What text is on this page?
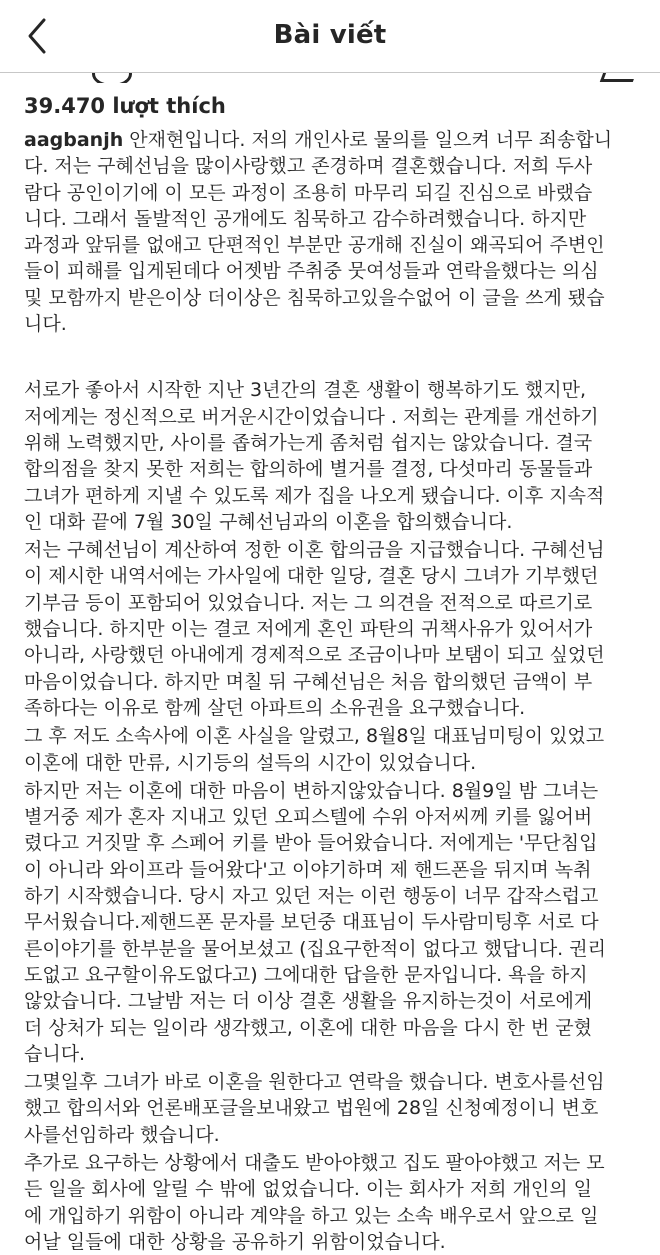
Bài viết
39.470 lượt thích
aagbanjh 안재현입니다. 저의 개인사로 물의를 일으켜 너무 죄송합니
다. 저는 구혜선님을 많이사랑했고 존경하며 결혼했습니다. 저희 두사
람다 공인이기에 이 모든 과정이 조용히 마무리 되길 진심으로 바랬습
니다. 그래서 돌발적인 공개에도 침묵하고 감수하려했습니다. 하지만
과정과 앞뒤를 없애고 단편적인 부분만 공개해 진실이 왜곡되어 주변인
들이 피해를 입게된데다 어젯밤 주취중 뭇여성들과 연락을했다는 의심
및 모함까지 받은이상 더이상은 침묵하고있을수없어 이 글을 쓰게 됐습
니다.
서로가 좋아서 시작한 지난 3년간의 결혼 생활이 행복하기도 했지만,
저에게는 정신적으로 버거운시간이었습니다 . 저희는 관계를 개선하기
위해 노력했지만, 사이를 좁혀가는게 좀처럼 쉽지는 않았습니다. 결국
합의점을 찾지 못한 저희는 합의하에 별거를 결정, 다섯마리 동물들과
그녀가 편하게 지낼 수 있도록 제가 집을 나오게 됐습니다. 이후 지속적
인 대화 끝에 7월 30일 구혜선님과의 이혼을 합의했습니다.
저는 구혜선님이 계산하여 정한 이혼 합의금을 지급했습니다. 구혜선님
이 제시한 내역서에는 가사일에 대한 일당, 결혼 당시 그녀가 기부했던
기부금 등이 포함되어 있었습니다. 저는 그 의견을 전적으로 따르기로
했습니다. 하지만 이는 결코 저에게 혼인 파탄의 귀책사유가 있어서가
아니라, 사랑했던 아내에게 경제적으로 조금이나마 보탬이 되고 싶었던
마음이었습니다. 하지만 며칠 뒤 구혜선님은 처음 합의했던 금액이 부
족하다는 이유로 함께 살던 아파트의 소유권을 요구했습니다.
그 후 저도 소속사에 이혼 사실을 알렸고, 8월8일 대표님미팅이 있었고
이혼에 대한 만류, 시기등의 설득의 시간이 있었습니다.
하지만 저는 이혼에 대한 마음이 변하지않았습니다. 8월9일 밤 그녀는
별거중 제가 혼자 지내고 있던 오피스텔에 수위 아저씨께 키를 잃어버
렸다고 거짓말 후 스페어 키를 받아 들어왔습니다. 저에게는 '무단침입
이 아니라 와이프라 들어왔다'고 이야기하며 제 핸드폰을 뒤지며 녹취
하기 시작했습니다. 당시 자고 있던 저는 이런 행동이 너무 갑작스럽고
무서웠습니다.제핸드폰 문자를 보던중 대표님이 두사람미팅후 서로 다
른이야기를 한부분을 물어보셨고 (집요구한적이 없다고 했답니다. 권리
도없고 요구할이유도없다고) 그에대한 답을한 문자입니다. 욕을 하지
않았습니다. 그날밤 저는 더 이상 결혼 생활을 유지하는것이 서로에게
더 상처가 되는 일이라 생각했고, 이혼에 대한 마음을 다시 한 번 굳혔
습니다.
그몇일후 그녀가 바로 이혼을 원한다고 연락을 했습니다. 변호사를선임
했고 합의서와 언론배포글을보내왔고 법원에 28일 신청예정이니 변호
사를선임하라 했습니다.
추가로 요구하는 상황에서 대출도 받아야했고 집도 팔아야했고 저는 모
든 일을 회사에 알릴 수 밖에 없었습니다. 이는 회사가 저희 개인의 일
에 개입하기 위함이 아니라 계약을 하고 있는 소속 배우로서 앞으로 일
어날 일들에 대한 상황을 공유하기 위함이었습니다.
